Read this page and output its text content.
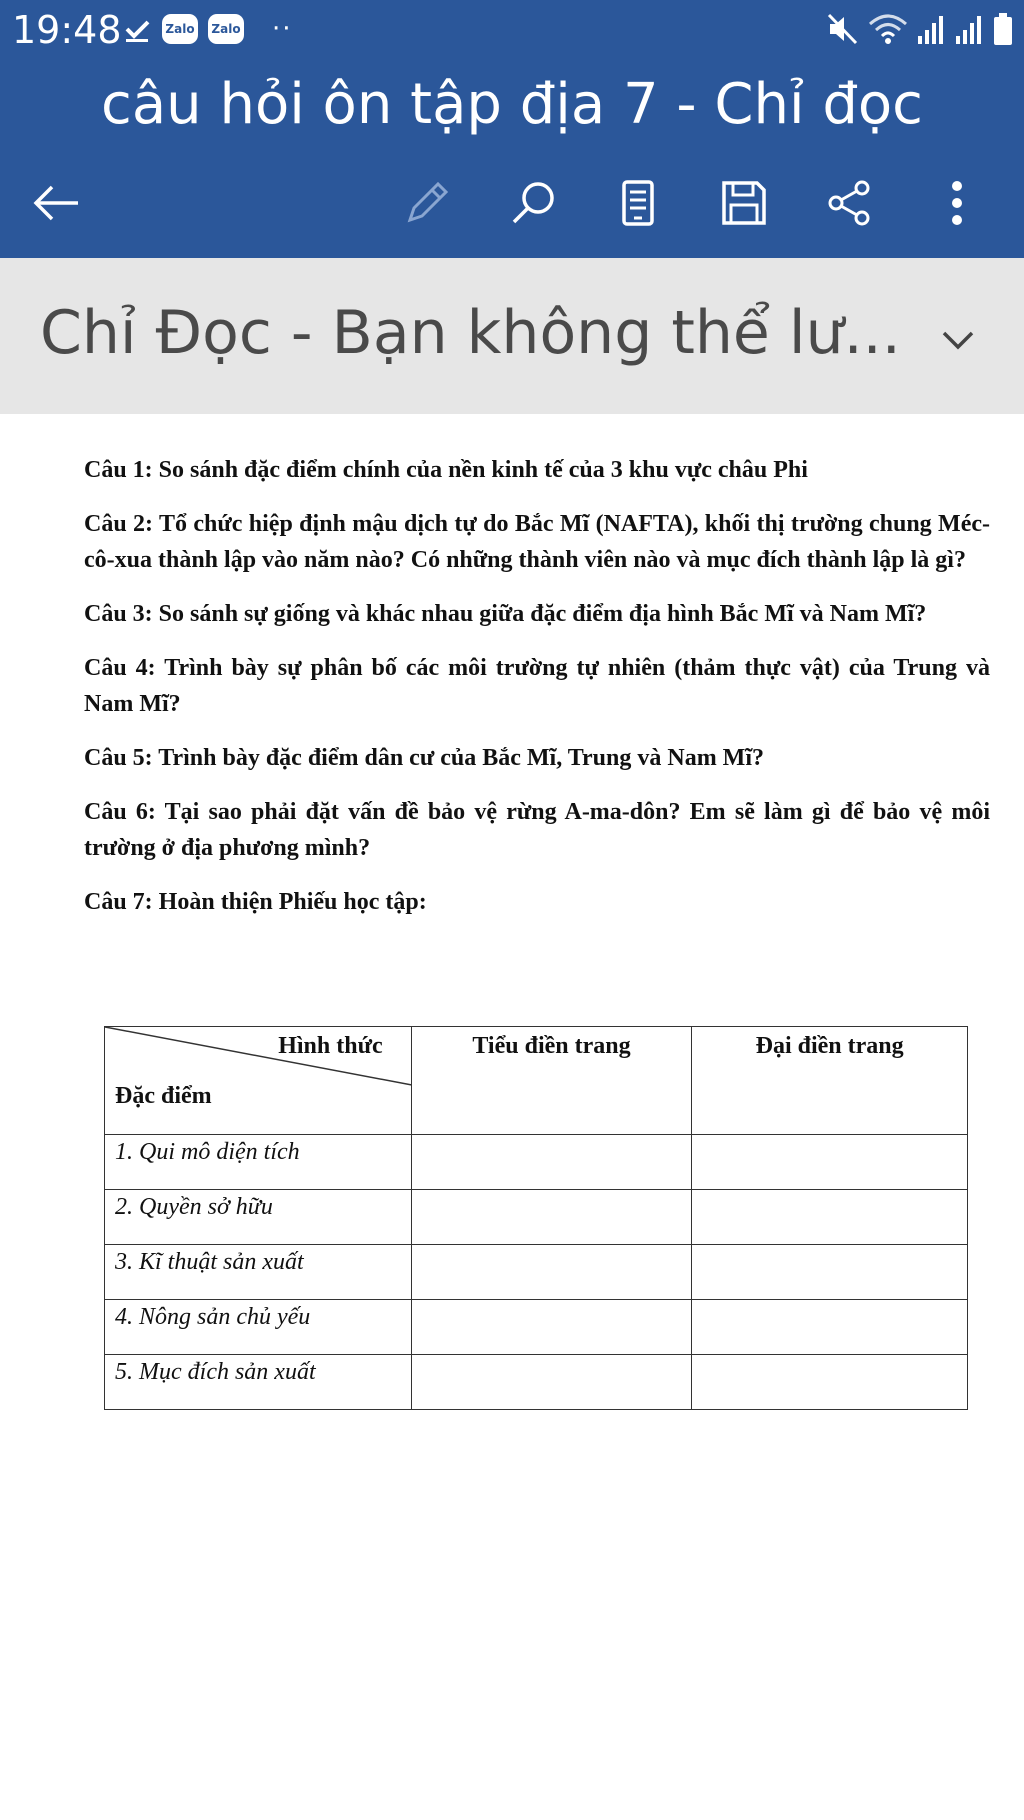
19:48	Zalo Zalo ··
câu hỏi ôn tập địa 7 - Chỉ đọc
Chỉ Đọc - Bạn không thể lư...

Câu 1: So sánh đặc điểm chính của nền kinh tế của 3 khu vực châu Phi

Câu 2: Tổ chức hiệp định mậu dịch tự do Bắc Mĩ (NAFTA), khối thị trường chung Méc-cô-xua thành lập vào năm nào? Có những thành viên nào và mục đích thành lập là gì?

Câu 3: So sánh sự giống và khác nhau giữa đặc điểm địa hình Bắc Mĩ và Nam Mĩ?

Câu 4: Trình bày sự phân bố các môi trường tự nhiên (thảm thực vật) của Trung và Nam Mĩ?

Câu 5: Trình bày đặc điểm dân cư của Bắc Mĩ, Trung và Nam Mĩ?

Câu 6: Tại sao phải đặt vấn đề bảo vệ rừng A-ma-dôn? Em sẽ làm gì để bảo vệ môi trường ở địa phương mình?

Câu 7: Hoàn thiện Phiếu học tập:

Hình thức
Đặc điểm	Tiểu điền trang	Đại điền trang
1. Qui mô diện tích		
2. Quyền sở hữu		
3. Kĩ thuật sản xuất		
4. Nông sản chủ yếu		
5. Mục đích sản xuất		
